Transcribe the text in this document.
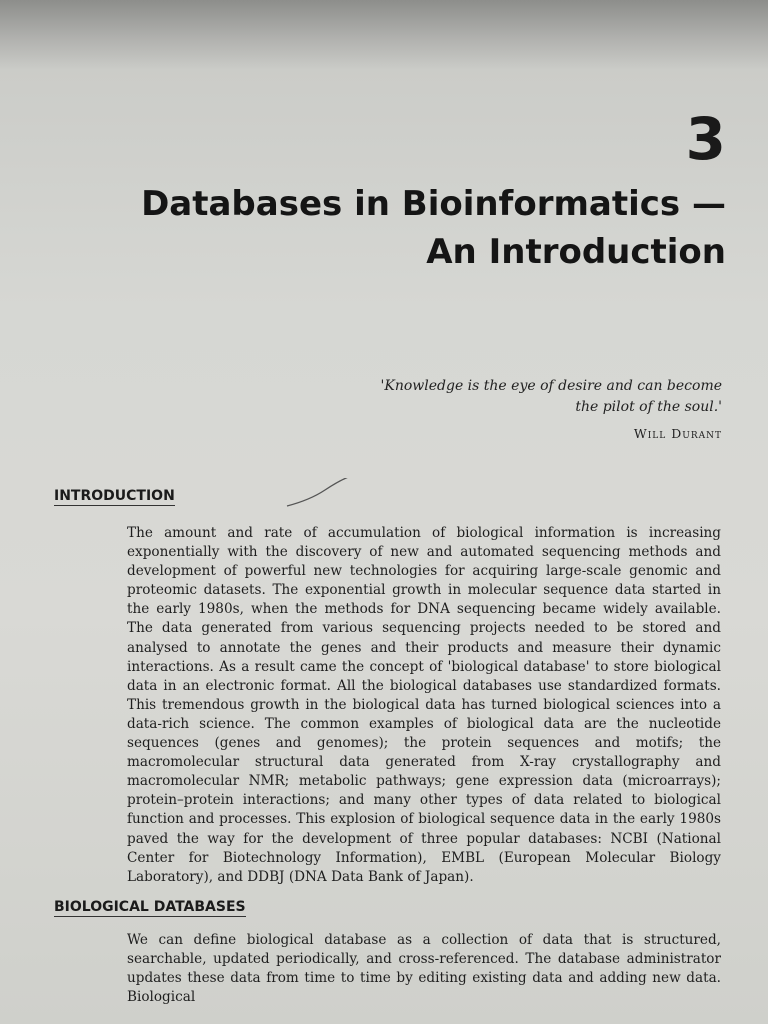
3
Databases in Bioinformatics —
An Introduction
'Knowledge is the eye of desire and can become
the pilot of the soul.'
Will Durant
INTRODUCTION
The amount and rate of accumulation of biological information is increasing exponentially with the discovery of new and automated sequencing methods and development of powerful new technologies for acquiring large-scale genomic and proteomic datasets. The exponential growth in molecular sequence data started in the early 1980s, when the methods for DNA sequencing became widely available. The data generated from various sequencing projects needed to be stored and analysed to annotate the genes and their products and measure their dynamic interactions. As a result came the concept of 'biological database' to store biological data in an electronic format. All the biological databases use standardized formats. This tremendous growth in the biological data has turned biological sciences into a data-rich science. The common examples of biological data are the nucleotide sequences (genes and genomes); the protein sequences and motifs; the macromolecular structural data generated from X-ray crystallography and macromolecular NMR; metabolic pathways; gene expression data (microarrays); protein–protein interactions; and many other types of data related to biological function and processes. This explosion of biological sequence data in the early 1980s paved the way for the development of three popular databases: NCBI (National Center for Biotechnology Information), EMBL (European Molecular Biology Laboratory), and DDBJ (DNA Data Bank of Japan).
BIOLOGICAL DATABASES
We can define biological database as a collection of data that is structured, searchable, updated periodically, and cross-referenced. The database administrator updates these data from time to time by editing existing data and adding new data. Biological
